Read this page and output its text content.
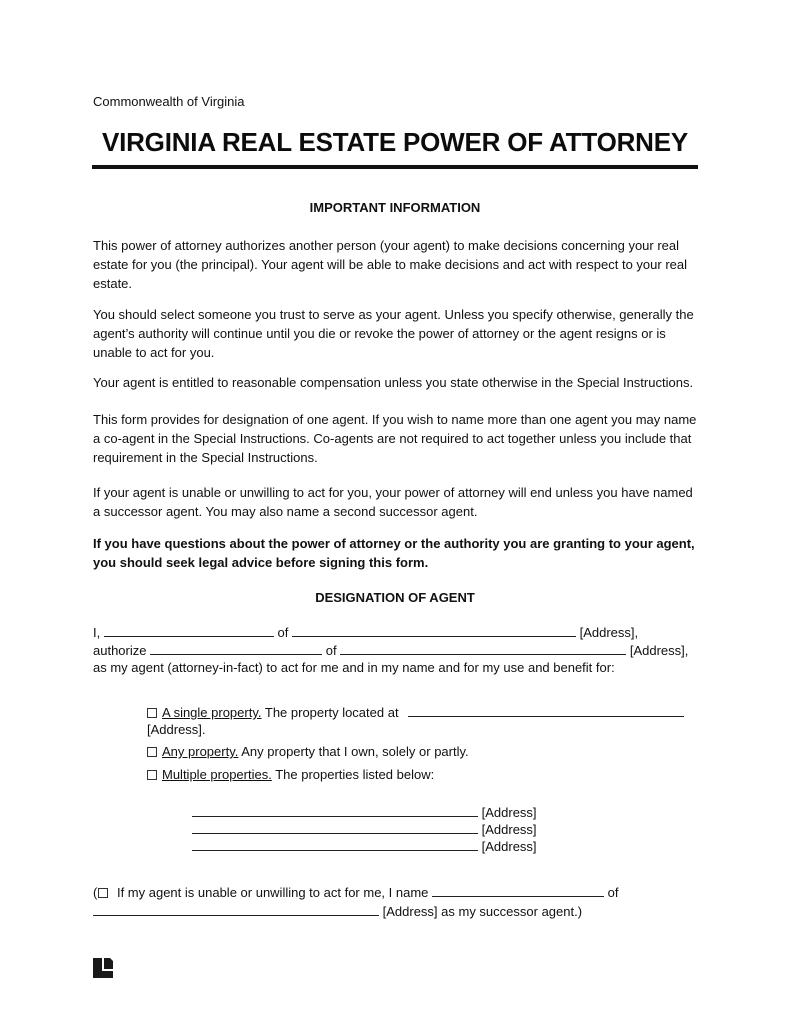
Commonwealth of Virginia
VIRGINIA REAL ESTATE POWER OF ATTORNEY
IMPORTANT INFORMATION
This power of attorney authorizes another person (your agent) to make decisions concerning your real estate for you (the principal). Your agent will be able to make decisions and act with respect to your real estate.
You should select someone you trust to serve as your agent. Unless you specify otherwise, generally the agent’s authority will continue until you die or revoke the power of attorney or the agent resigns or is unable to act for you.
Your agent is entitled to reasonable compensation unless you state otherwise in the Special Instructions.
This form provides for designation of one agent. If you wish to name more than one agent you may name a co-agent in the Special Instructions. Co-agents are not required to act together unless you include that requirement in the Special Instructions.
If your agent is unable or unwilling to act for you, your power of attorney will end unless you have named a successor agent. You may also name a second successor agent.
If you have questions about the power of attorney or the authority you are granting to your agent, you should seek legal advice before signing this form.
DESIGNATION OF AGENT
I,	of	[Address],
authorize	of	[Address],
as my agent (attorney-in-fact) to act for me and in my name and for my use and benefit for:
A single property. The property located at
[Address].
Any property. Any property that I own, solely or partly.
Multiple properties. The properties listed below:
[Address]
[Address]
[Address]
( If my agent is unable or unwilling to act for me, I name	of
[Address] as my successor agent.)
